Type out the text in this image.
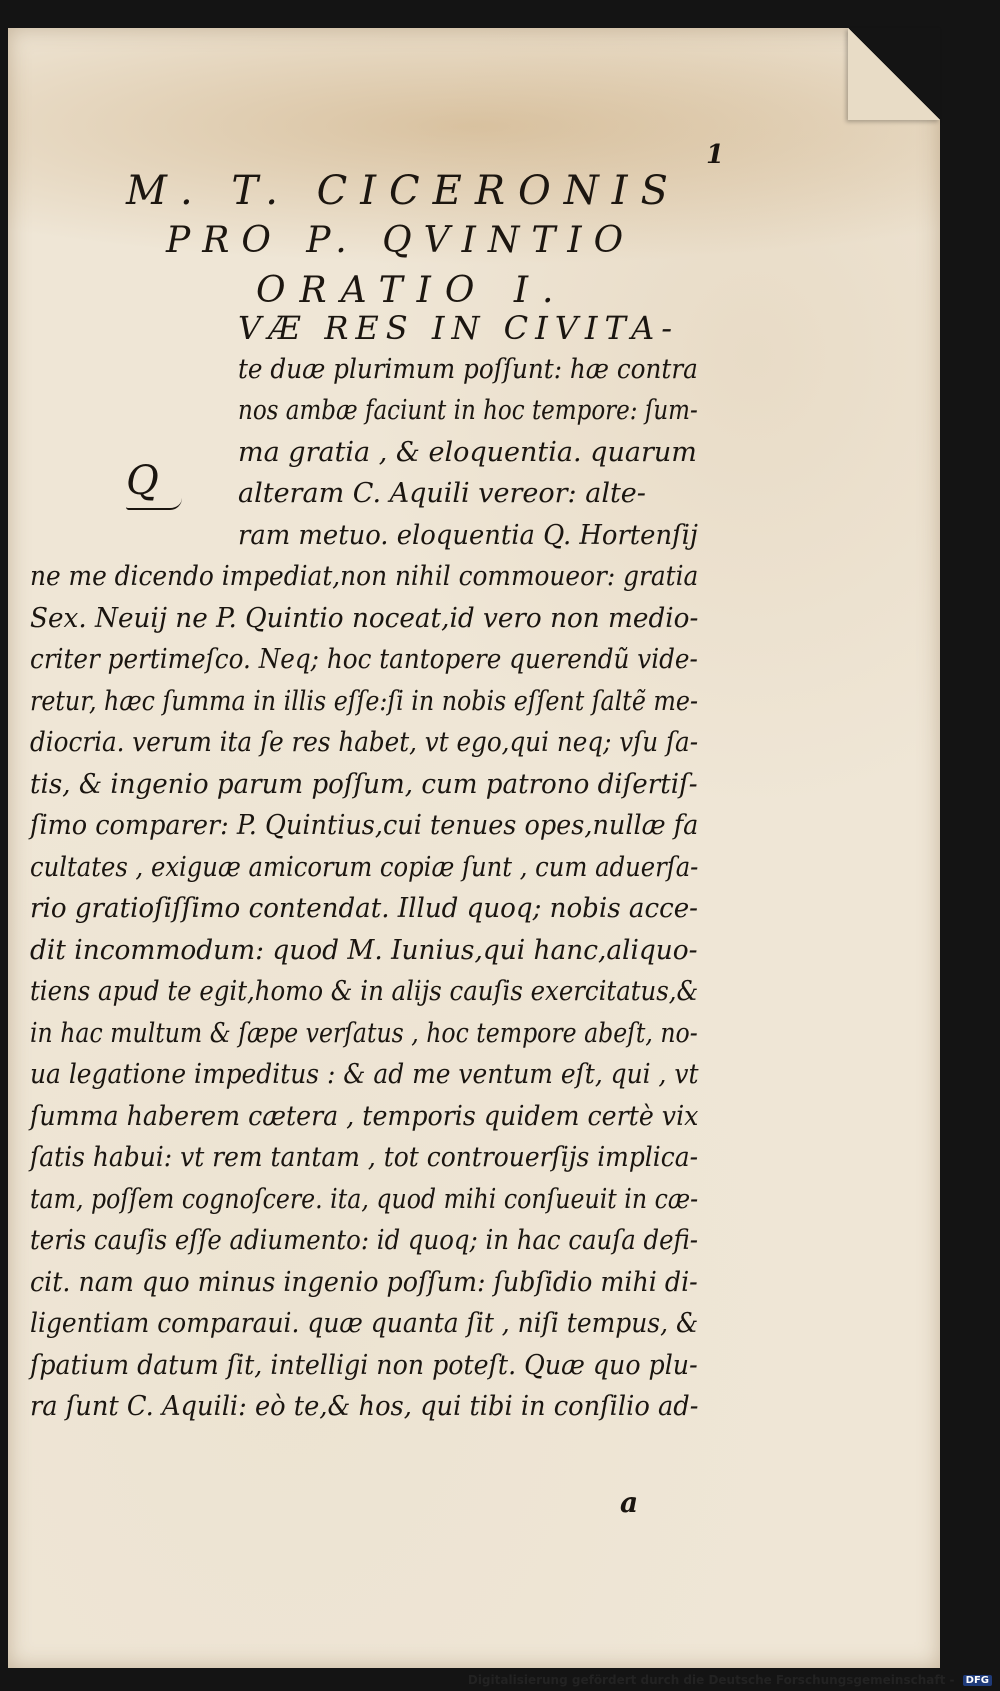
1
M. T. CICERONIS
PRO P. QVINTIO
ORATIO I.
Q
a
VÆ RES IN CIVITA-
te duæ plurimum poſſunt: hæ contra
nos ambæ faciunt in hoc tempore: ſum-
ma gratia , & eloquentia. quarum
alteram C. Aquili vereor: alte-
ram metuo. eloquentia Q. Hortenſij
ne me dicendo impediat,non nihil commoueor: gratia
Sex. Neuij ne P. Quintio noceat,id vero non medio-
criter pertimeſco. Neq; hoc tantopere querendũ vide-
retur, hæc ſumma in illis eſſe:ſi in nobis eſſent ſaltẽ me-
diocria. verum ita ſe res habet, vt ego,qui neq; vſu ſa-
tis, & ingenio parum poſſum, cum patrono diſertiſ-
ſimo comparer: P. Quintius,cui tenues opes,nullæ fa
cultates , exiguæ amicorum copiæ ſunt , cum aduerſa-
rio gratioſiſſimo contendat. Illud quoq; nobis acce-
dit incommodum: quod M. Iunius,qui hanc,aliquo-
tiens apud te egit,homo & in alijs cauſis exercitatus,&
in hac multum & ſæpe verſatus , hoc tempore abeſt, no-
ua legatione impeditus : & ad me ventum eſt, qui , vt
ſumma haberem cætera , temporis quidem certè vix
ſatis habui: vt rem tantam , tot controuerſijs implica-
tam, poſſem cognoſcere. ita, quod mihi conſueuit in cæ-
teris cauſis eſſe adiumento: id quoq; in hac cauſa defi-
cit. nam quo minus ingenio poſſum: ſubſidio mihi di-
ligentiam comparaui. quæ quanta ſit , niſi tempus, &
ſpatium datum ſit, intelligi non poteſt. Quæ quo plu-
ra ſunt C. Aquili: eò te,& hos, qui tibi in conſilio ad-
Digitalisierung gefördert durch die Deutsche Forschungsgemeinschaft - DFG
